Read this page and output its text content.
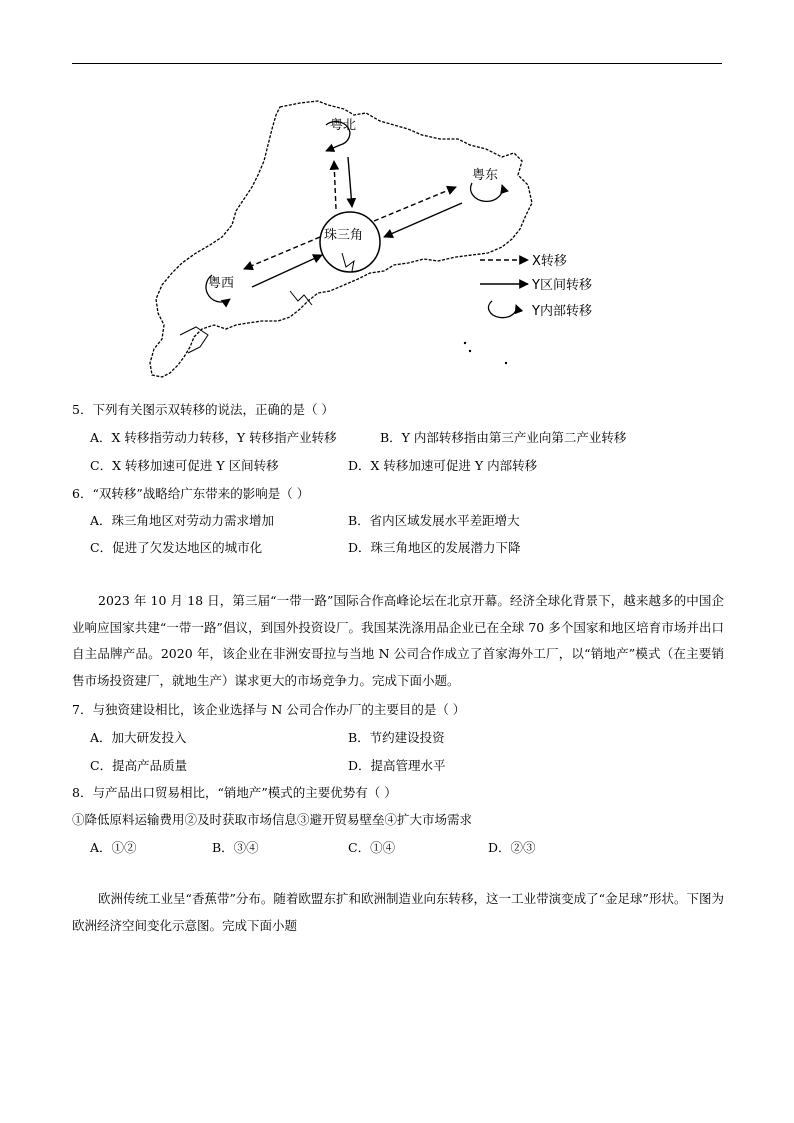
粤北
粤东
粤西
珠三角
X转移
Y区间转移
Y内部转移
5．下列有关图示双转移的说法，正确的是（ ）
A．X 转移指劳动力转移，Y 转移指产业转移	B．Y 内部转移指由第三产业向第二产业转移
C．X 转移加速可促进 Y 区间转移	D．X 转移加速可促进 Y 内部转移
6．“双转移”战略给广东带来的影响是（ ）
A．珠三角地区对劳动力需求增加	B．省内区域发展水平差距增大
C．促进了欠发达地区的城市化	D．珠三角地区的发展潜力下降
2023 年 10 月 18 日，第三届“一带一路”国际合作高峰论坛在北京开幕。经济全球化背景下，越来越多的中国企业响应国家共建“一带一路”倡议，到国外投资设厂。我国某洗涤用品企业已在全球 70 多个国家和地区培育市场并出口自主品牌产品。2020 年，该企业在非洲安哥拉与当地 N 公司合作成立了首家海外工厂，以“销地产”模式（在主要销售市场投资建厂，就地生产）谋求更大的市场竞争力。完成下面小题。
7．与独资建设相比，该企业选择与 N 公司合作办厂的主要目的是（ ）
A．加大研发投入	B．节约建设投资
C．提高产品质量	D．提高管理水平
8．与产品出口贸易相比，“销地产”模式的主要优势有（ ）
①降低原料运输费用②及时获取市场信息③避开贸易壁垒④扩大市场需求
A．①②	B．③④	C．①④	D．②③
欧洲传统工业呈“香蕉带”分布。随着欧盟东扩和欧洲制造业向东转移，这一工业带演变成了“金足球”形状。下图为欧洲经济空间变化示意图。完成下面小题
